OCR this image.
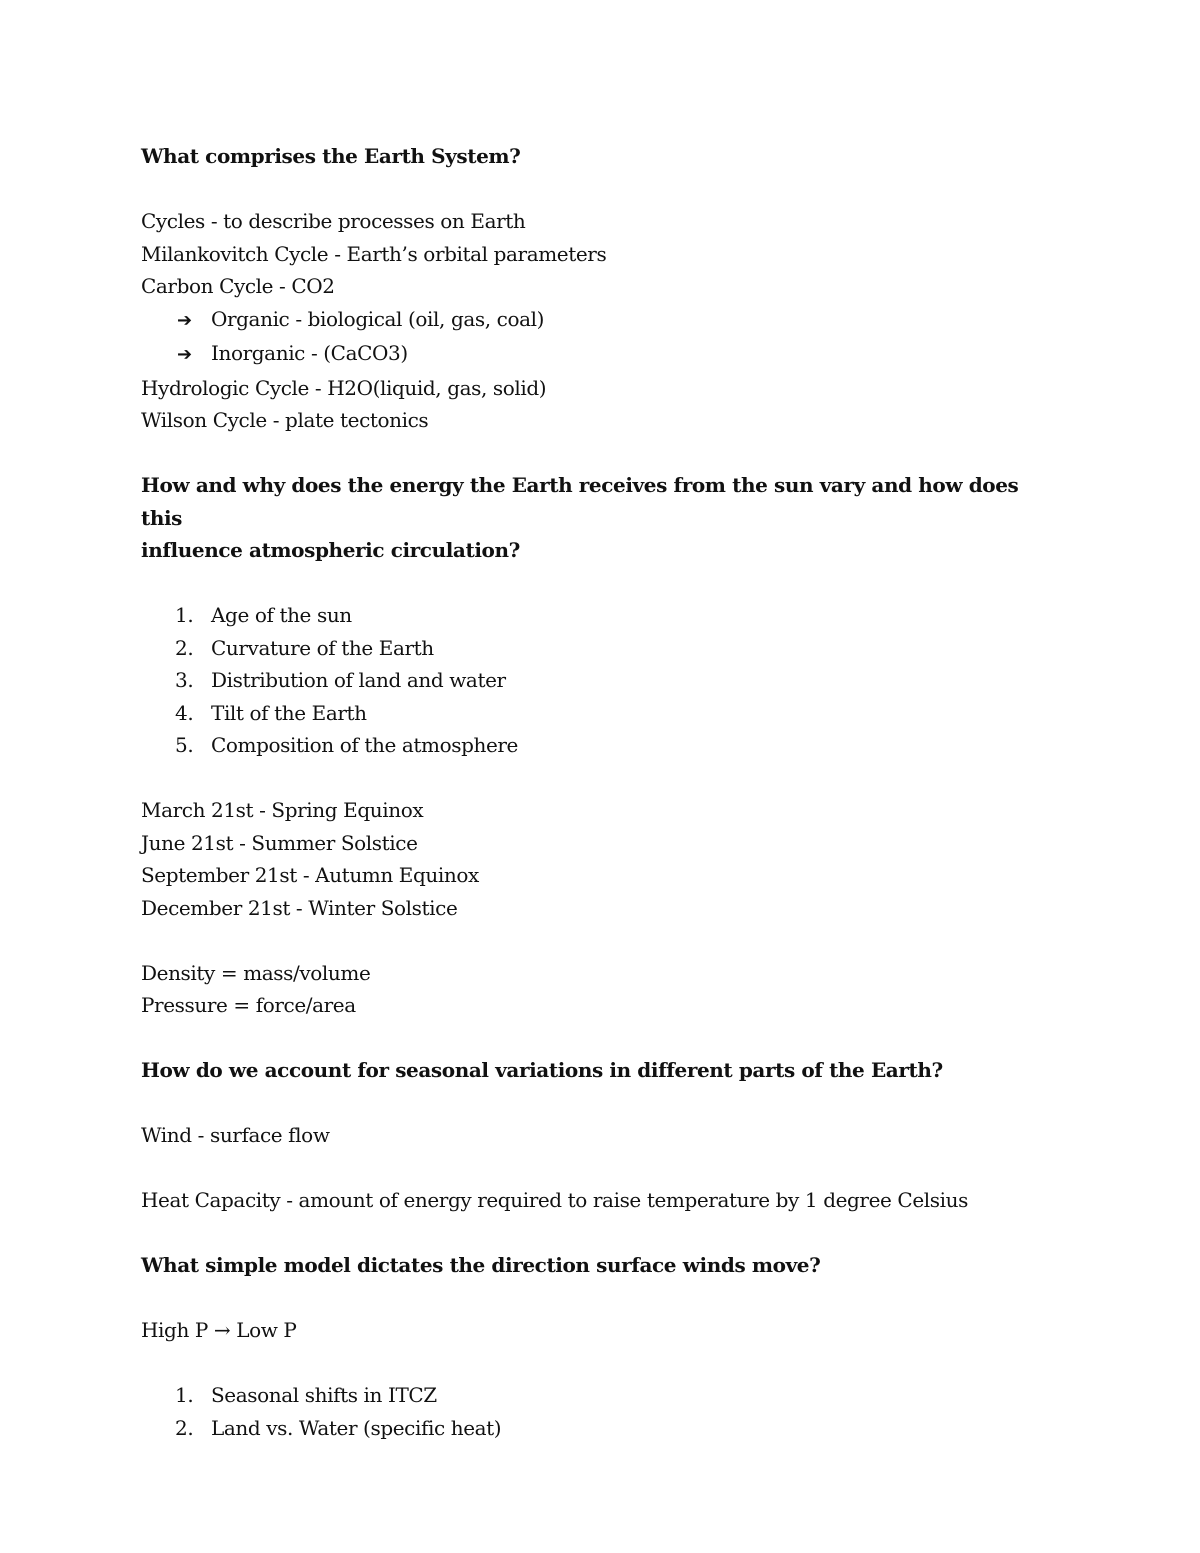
What comprises the Earth System?

Cycles - to describe processes on Earth

Milankovitch Cycle - Earth’s orbital parameters

Carbon Cycle - CO2

➔ Organic - biological (oil, gas, coal)

➔ Inorganic - (CaCO3)

Hydrologic Cycle - H2O(liquid, gas, solid)

Wilson Cycle - plate tectonics

How and why does the energy the Earth receives from the sun vary and how does this

influence atmospheric circulation?

1. Age of the sun

2. Curvature of the Earth

3. Distribution of land and water

4. Tilt of the Earth

5. Composition of the atmosphere

March 21st - Spring Equinox

June 21st - Summer Solstice

September 21st - Autumn Equinox

December 21st - Winter Solstice

Density = mass/volume

Pressure = force/area

How do we account for seasonal variations in different parts of the Earth?

Wind - surface flow

Heat Capacity - amount of energy required to raise temperature by 1 degree Celsius

What simple model dictates the direction surface winds move?

High P → Low P

1. Seasonal shifts in ITCZ

2. Land vs. Water (specific heat)
